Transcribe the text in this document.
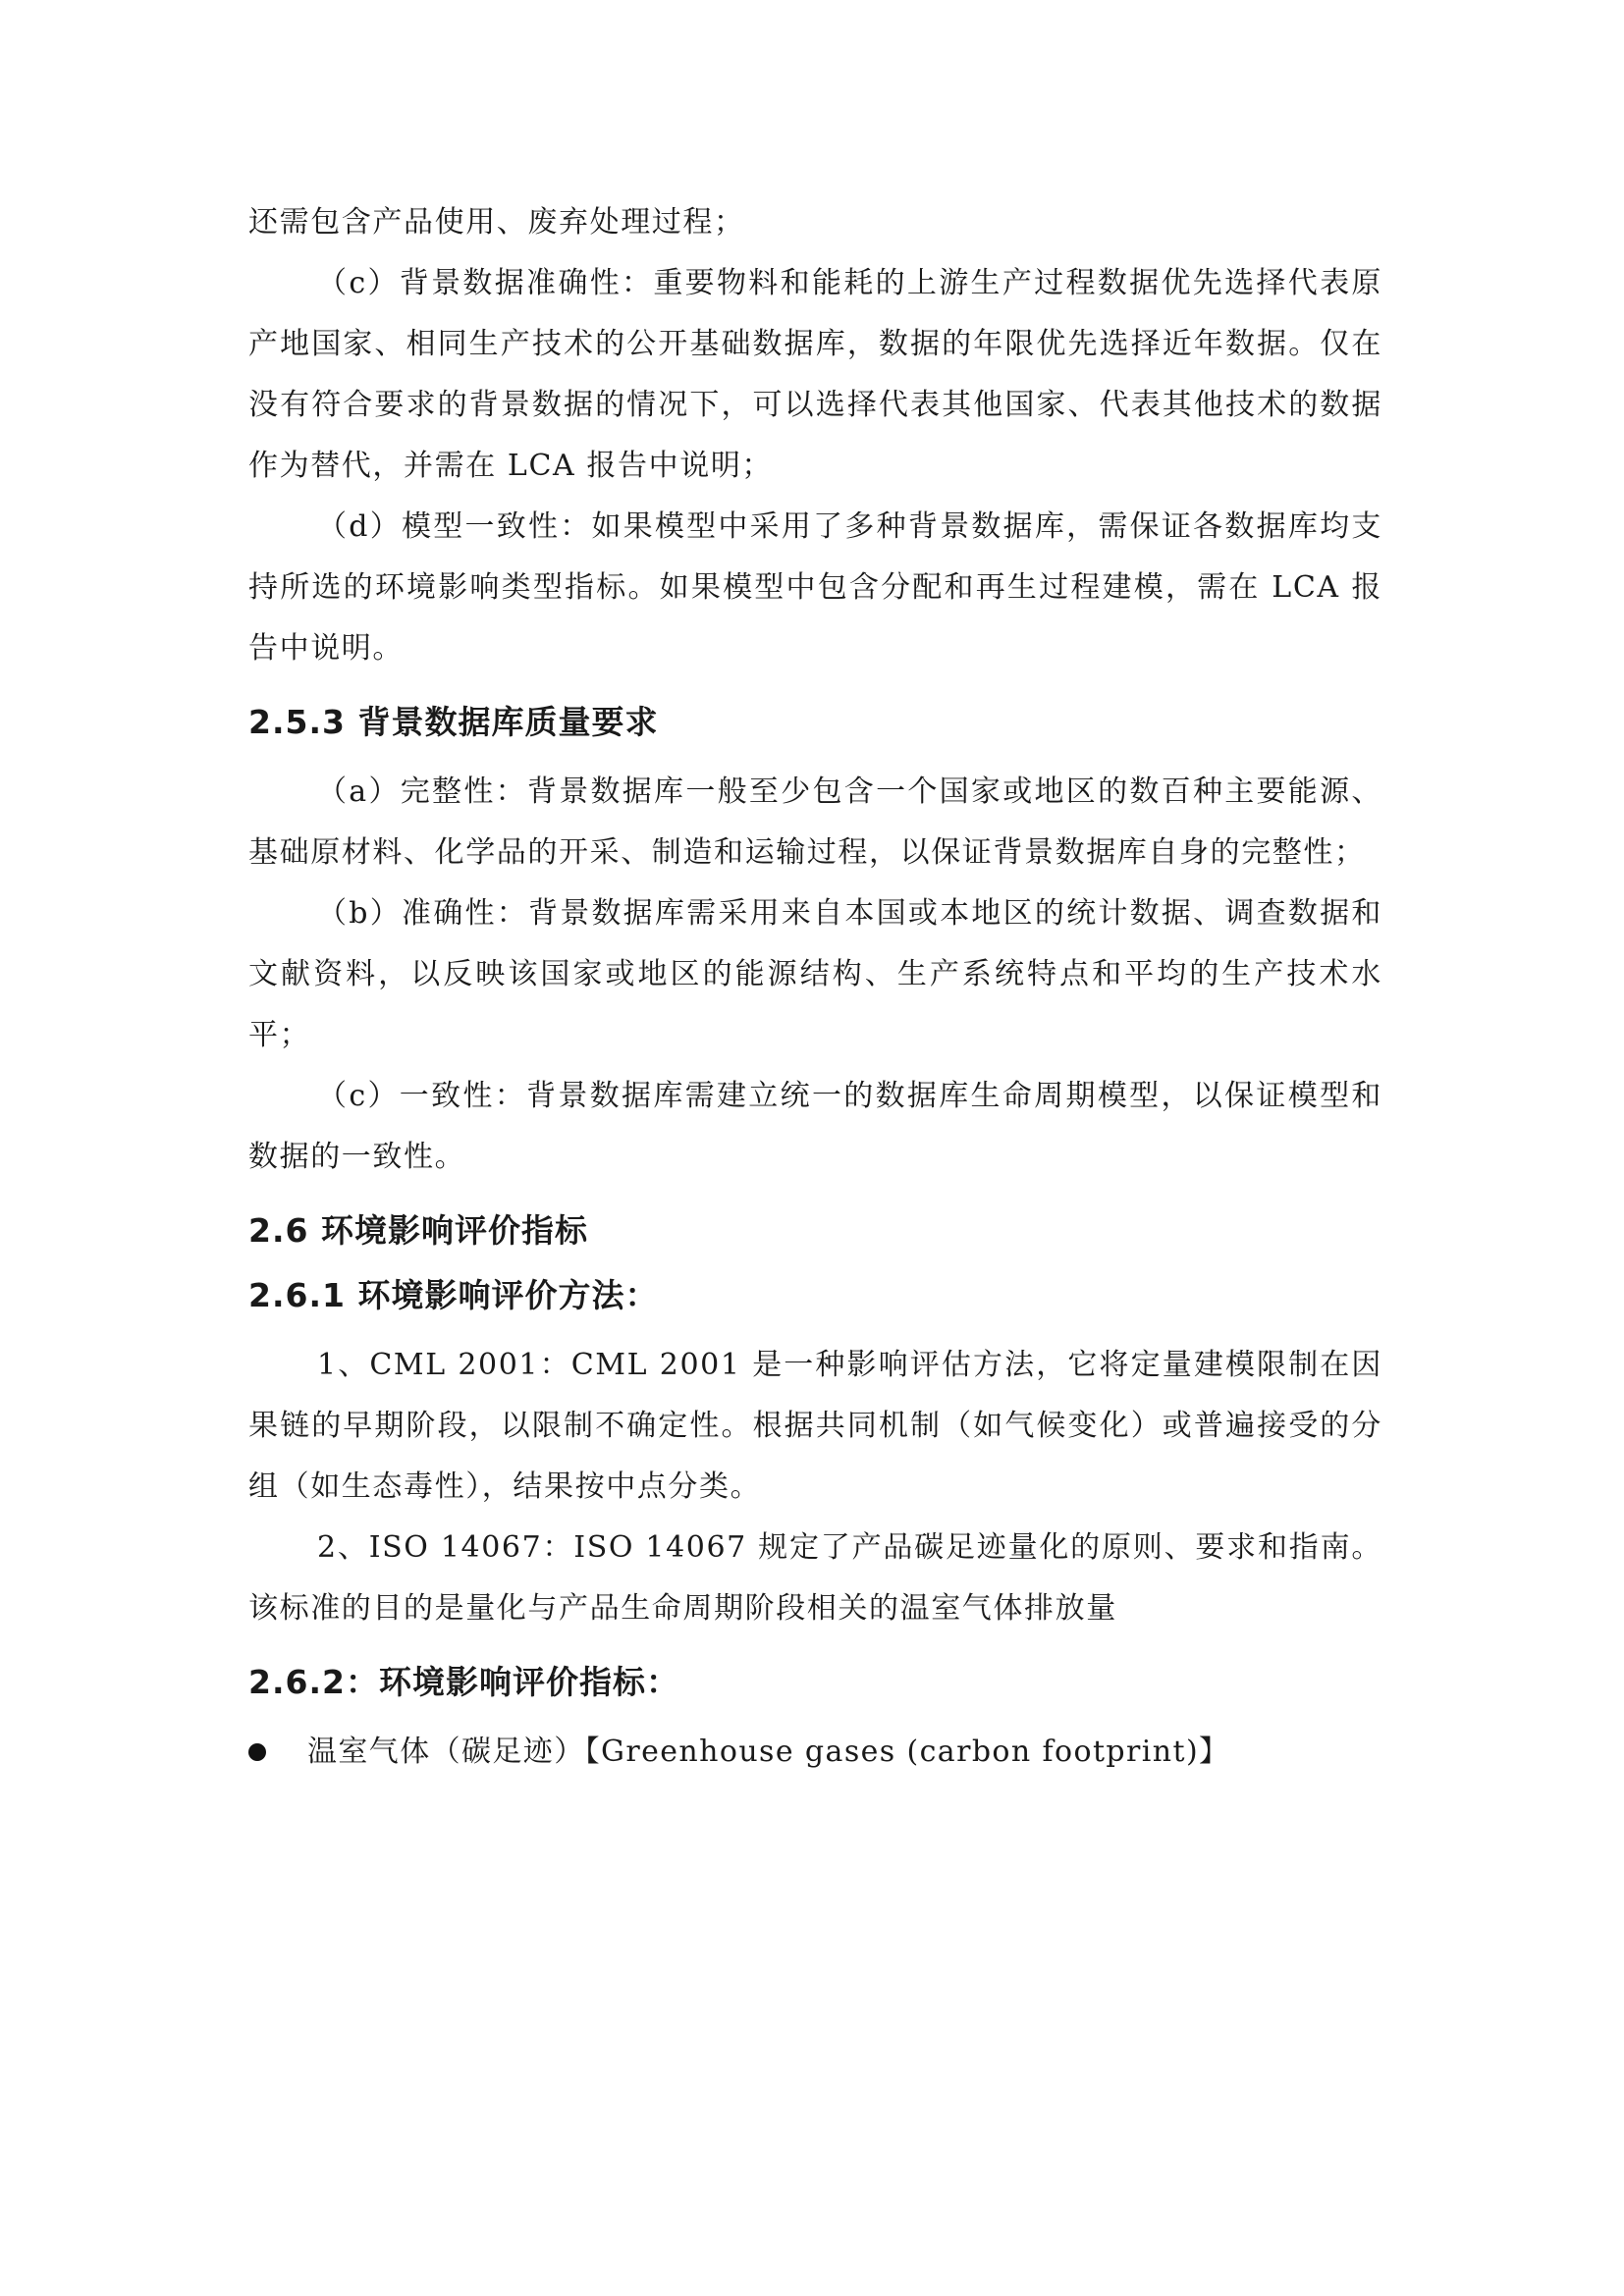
还需包含产品使用、废弃处理过程；

（c）背景数据准确性：重要物料和能耗的上游生产过程数据优先选择代表原产地国家、相同生产技术的公开基础数据库，数据的年限优先选择近年数据。仅在没有符合要求的背景数据的情况下，可以选择代表其他国家、代表其他技术的数据作为替代，并需在 LCA 报告中说明；

（d）模型一致性：如果模型中采用了多种背景数据库，需保证各数据库均支持所选的环境影响类型指标。如果模型中包含分配和再生过程建模，需在 LCA 报告中说明。

2.5.3 背景数据库质量要求

（a）完整性：背景数据库一般至少包含一个国家或地区的数百种主要能源、基础原材料、化学品的开采、制造和运输过程，以保证背景数据库自身的完整性；

（b）准确性：背景数据库需采用来自本国或本地区的统计数据、调查数据和文献资料，以反映该国家或地区的能源结构、生产系统特点和平均的生产技术水平；

（c）一致性：背景数据库需建立统一的数据库生命周期模型，以保证模型和数据的一致性。

2.6 环境影响评价指标
2.6.1 环境影响评价方法：

1、CML 2001：CML 2001 是一种影响评估方法，它将定量建模限制在因果链的早期阶段，以限制不确定性。根据共同机制（如气候变化）或普遍接受的分组（如生态毒性），结果按中点分类。

2、ISO 14067：ISO 14067 规定了产品碳足迹量化的原则、要求和指南。该标准的目的是量化与产品生命周期阶段相关的温室气体排放量

2.6.2：环境影响评价指标：
温室气体（碳足迹）【Greenhouse gases (carbon footprint)】
